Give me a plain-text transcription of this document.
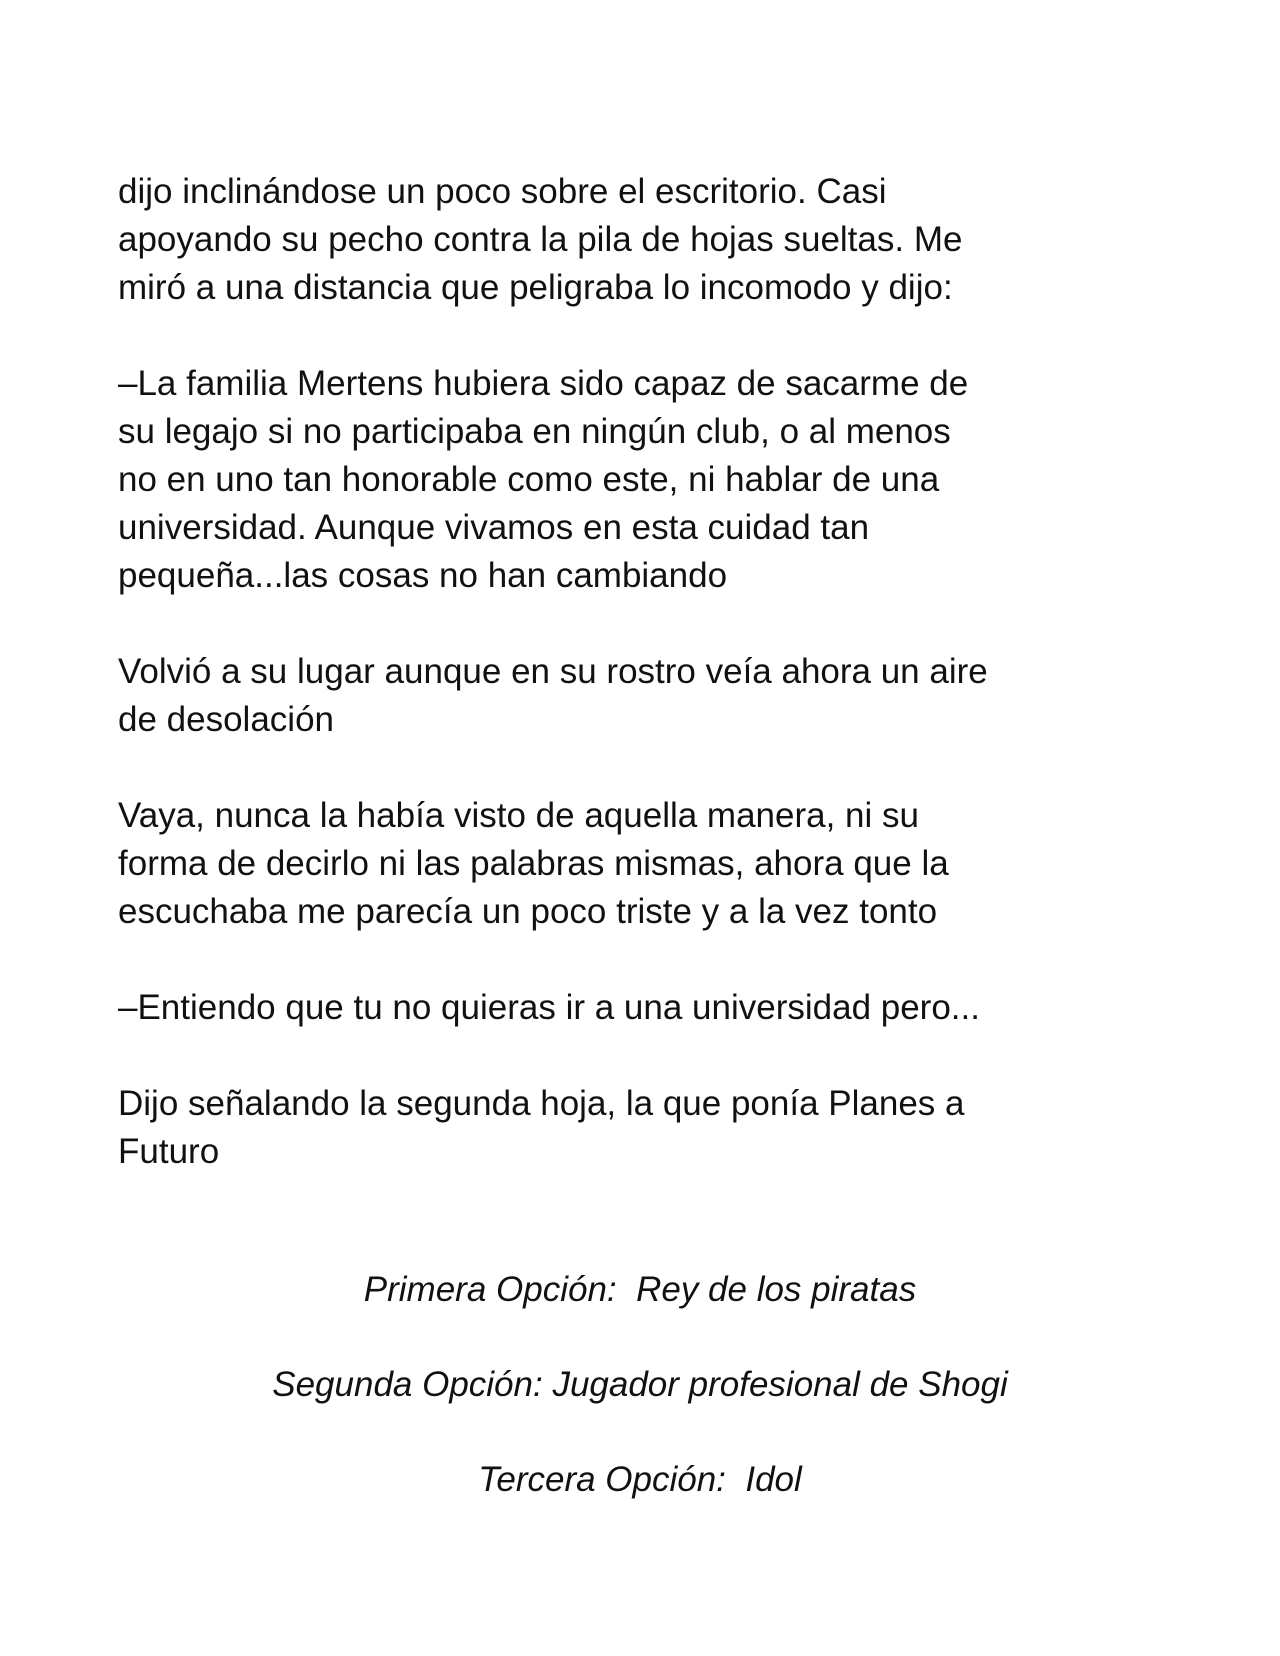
dijo inclinándose un poco sobre el escritorio. Casi
apoyando su pecho contra la pila de hojas sueltas. Me
miró a una distancia que peligraba lo incomodo y dijo:

–La familia Mertens hubiera sido capaz de sacarme de
su legajo si no participaba en ningún club, o al menos
no en uno tan honorable como este, ni hablar de una
universidad. Aunque vivamos en esta cuidad tan
pequeña...las cosas no han cambiando

Volvió a su lugar aunque en su rostro veía ahora un aire
de desolación

Vaya, nunca la había visto de aquella manera, ni su
forma de decirlo ni las palabras mismas, ahora que la
escuchaba me parecía un poco triste y a la vez tonto

–Entiendo que tu no quieras ir a una universidad pero...

Dijo señalando la segunda hoja, la que ponía Planes a
Futuro

Primera Opción:  Rey de los piratas

Segunda Opción: Jugador profesional de Shogi

Tercera Opción:  Idol
